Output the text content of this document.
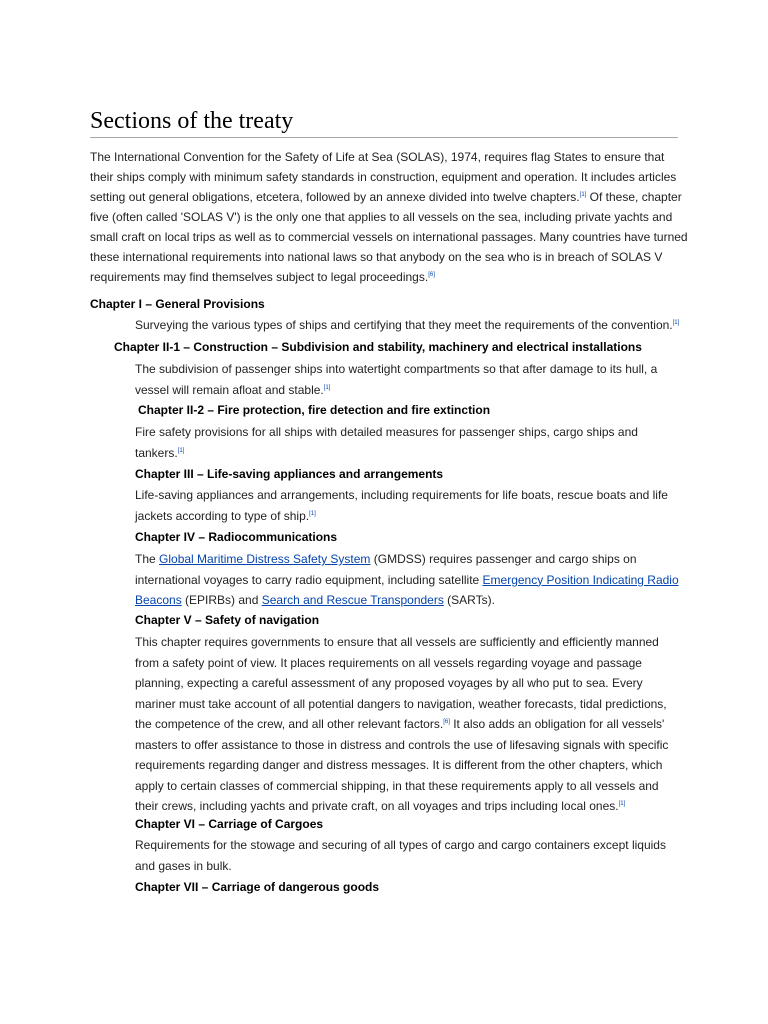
Sections of the treaty

The International Convention for the Safety of Life at Sea (SOLAS), 1974, requires flag States to ensure that their ships comply with minimum safety standards in construction, equipment and operation. It includes articles setting out general obligations, etcetera, followed by an annexe divided into twelve chapters.[1] Of these, chapter five (often called 'SOLAS V') is the only one that applies to all vessels on the sea, including private yachts and small craft on local trips as well as to commercial vessels on international passages. Many countries have turned these international requirements into national laws so that anybody on the sea who is in breach of SOLAS V requirements may find themselves subject to legal proceedings.[6]

Chapter I – General Provisions

Surveying the various types of ships and certifying that they meet the requirements of the convention.[1]

Chapter II-1 – Construction – Subdivision and stability, machinery and electrical installations

The subdivision of passenger ships into watertight compartments so that after damage to its hull, a vessel will remain afloat and stable.[1]

Chapter II-2 – Fire protection, fire detection and fire extinction

Fire safety provisions for all ships with detailed measures for passenger ships, cargo ships and tankers.[1]

Chapter III – Life-saving appliances and arrangements

Life-saving appliances and arrangements, including requirements for life boats, rescue boats and life jackets according to type of ship.[1]

Chapter IV – Radiocommunications

The Global Maritime Distress Safety System (GMDSS) requires passenger and cargo ships on international voyages to carry radio equipment, including satellite Emergency Position Indicating Radio Beacons (EPIRBs) and Search and Rescue Transponders (SARTs).

Chapter V – Safety of navigation

This chapter requires governments to ensure that all vessels are sufficiently and efficiently manned from a safety point of view. It places requirements on all vessels regarding voyage and passage planning, expecting a careful assessment of any proposed voyages by all who put to sea. Every mariner must take account of all potential dangers to navigation, weather forecasts, tidal predictions, the competence of the crew, and all other relevant factors.[6] It also adds an obligation for all vessels' masters to offer assistance to those in distress and controls the use of lifesaving signals with specific requirements regarding danger and distress messages. It is different from the other chapters, which apply to certain classes of commercial shipping, in that these requirements apply to all vessels and their crews, including yachts and private craft, on all voyages and trips including local ones.[1]

Chapter VI – Carriage of Cargoes

Requirements for the stowage and securing of all types of cargo and cargo containers except liquids and gases in bulk.

Chapter VII – Carriage of dangerous goods
